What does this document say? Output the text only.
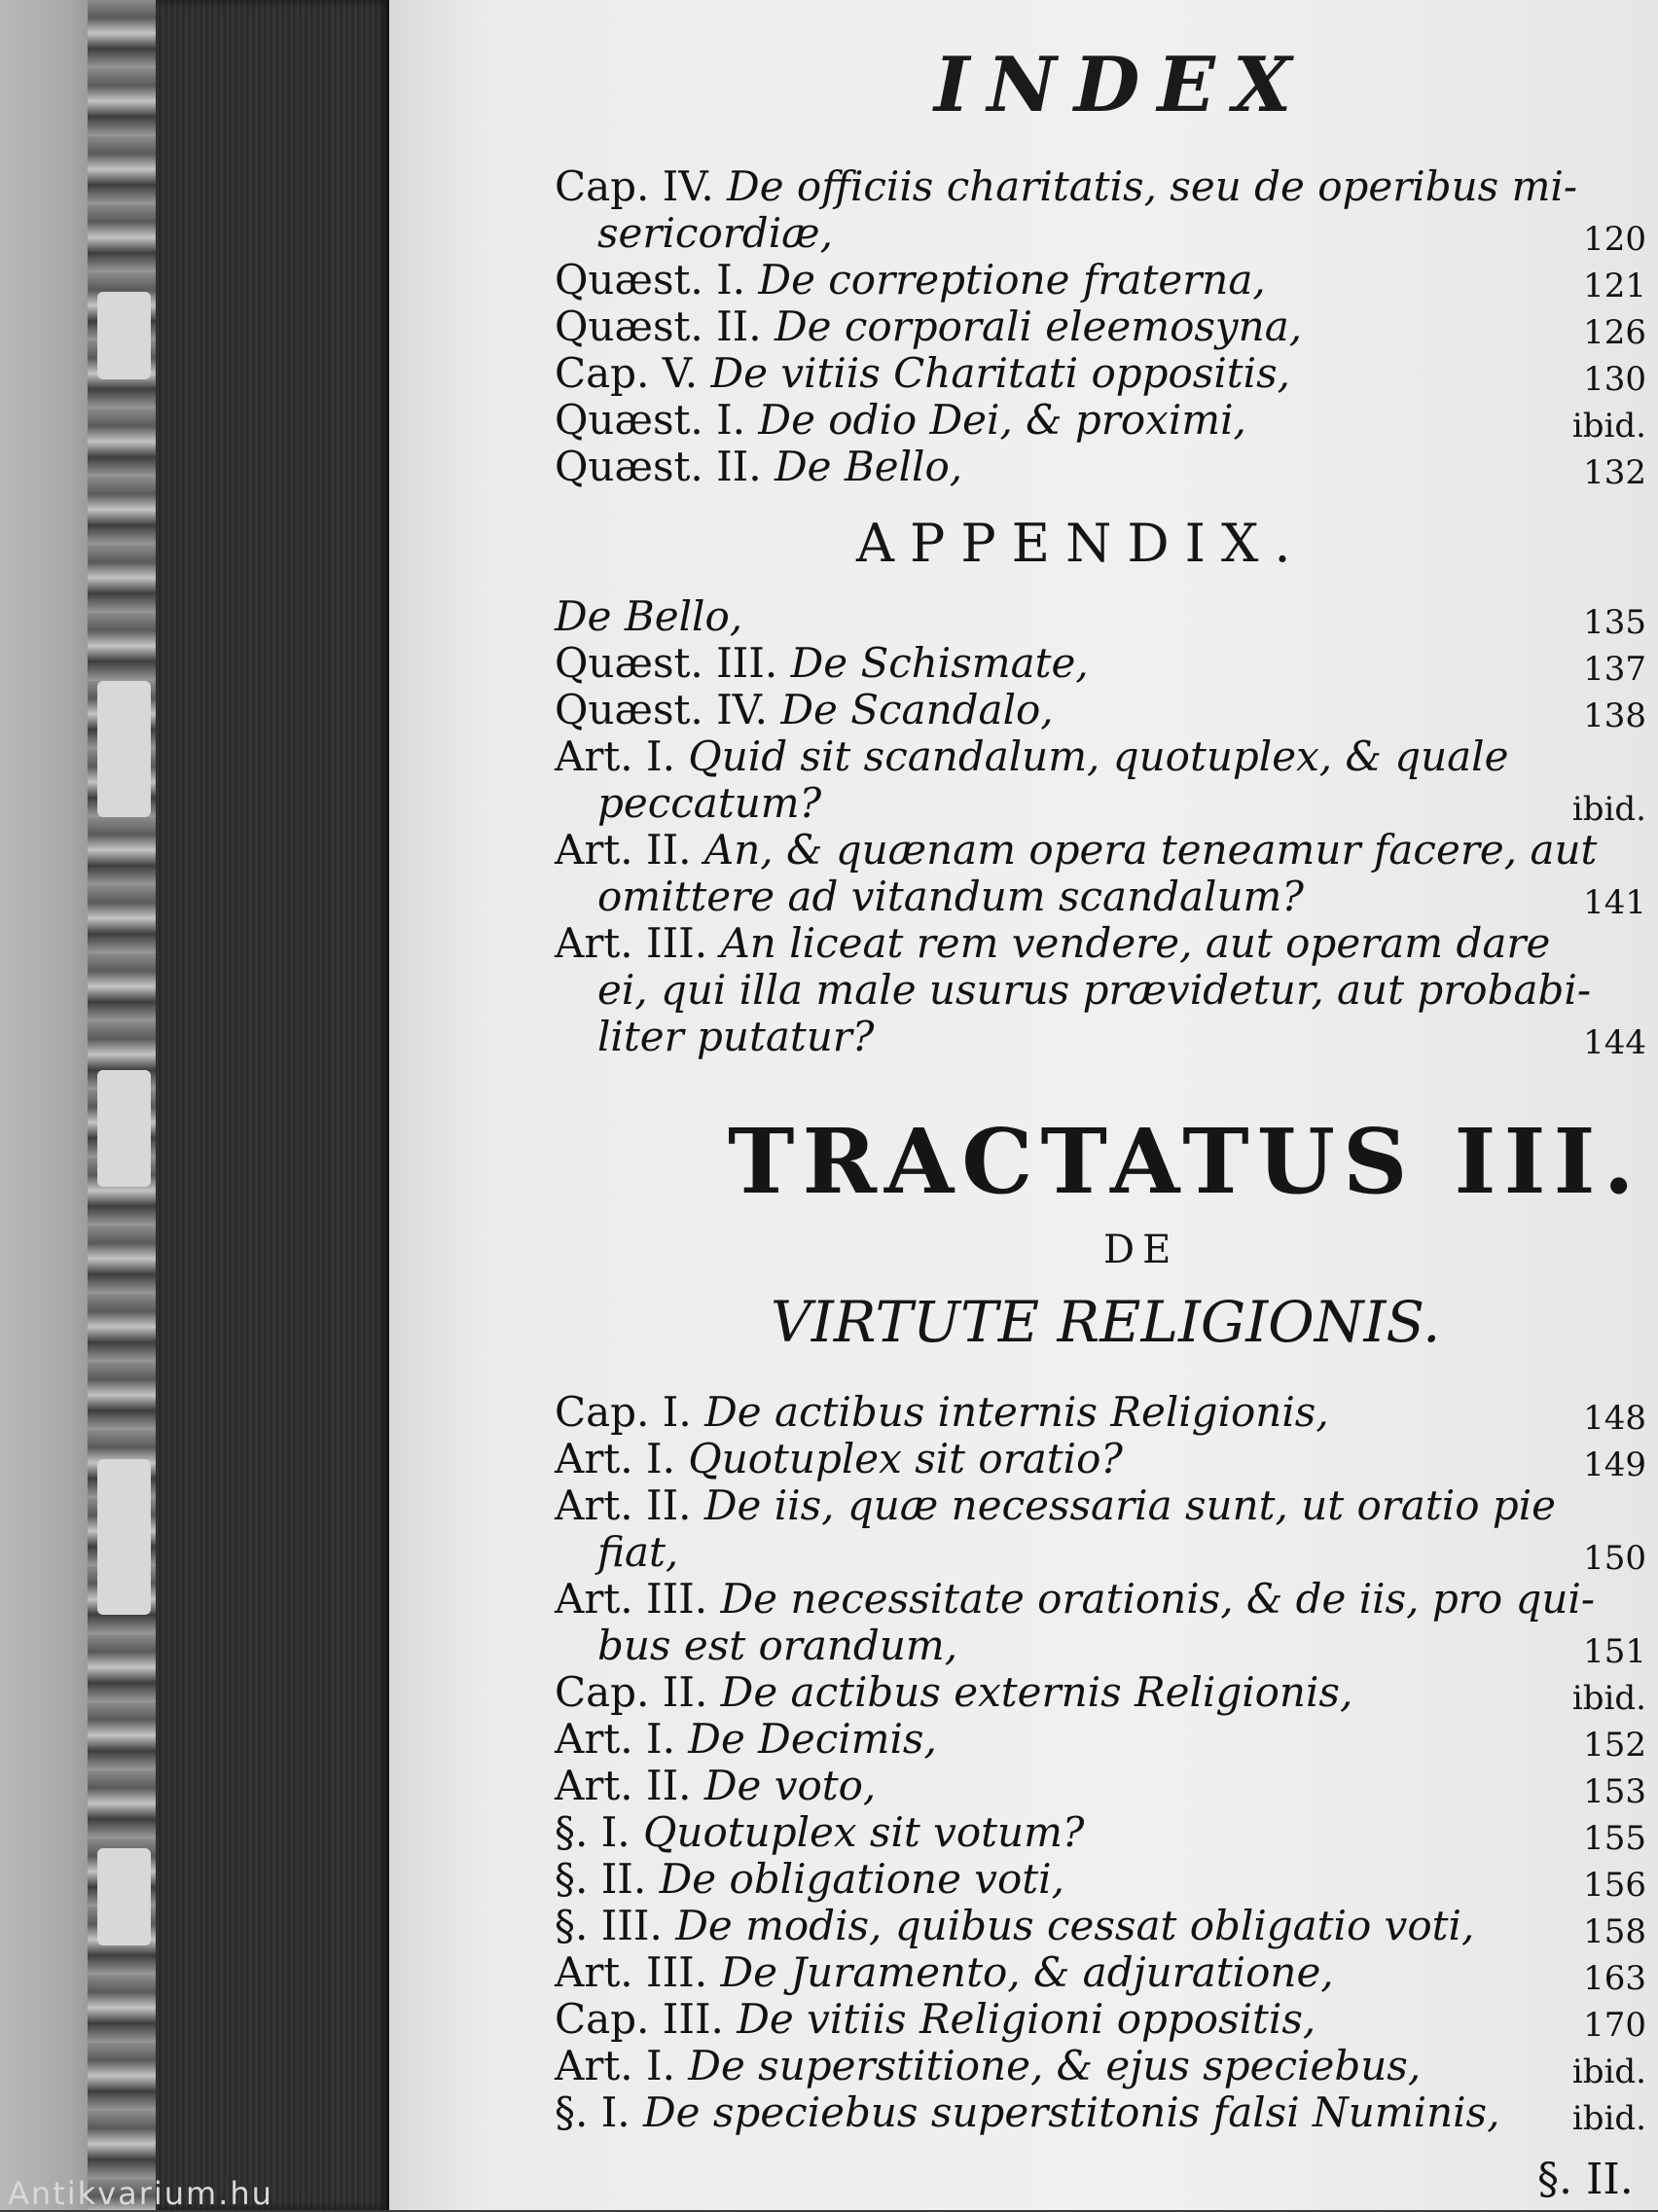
INDEX
Cap. IV. De officiis charitatis, seu de operibus mi-
sericordiæ,	120
Quæst. I. De correptione fraterna,	121
Quæst. II. De corporali eleemosyna,	126
Cap. V. De vitiis Charitati oppositis,	130
Quæst. I. De odio Dei, & proximi,	ibid.
Quæst. II. De Bello,	132
APPENDIX.
De Bello,	135
Quæst. III. De Schismate,	137
Quæst. IV. De Scandalo,	138
Art. I. Quid sit scandalum, quotuplex, & quale
peccatum?	ibid.
Art. II. An, & quænam opera teneamur facere, aut
omittere ad vitandum scandalum?	141
Art. III. An liceat rem vendere, aut operam dare
ei, qui illa male usurus prævidetur, aut probabi-
liter putatur?	144
TRACTATUS III.
DE
VIRTUTE RELIGIONIS.
Cap. I. De actibus internis Religionis,	148
Art. I. Quotuplex sit oratio?	149
Art. II. De iis, quæ necessaria sunt, ut oratio pie
fiat,	150
Art. III. De necessitate orationis, & de iis, pro qui-
bus est orandum,	151
Cap. II. De actibus externis Religionis,	ibid.
Art. I. De Decimis,	152
Art. II. De voto,	153
§. I. Quotuplex sit votum?	155
§. II. De obligatione voti,	156
§. III. De modis, quibus cessat obligatio voti,	158
Art. III. De Juramento, & adjuratione,	163
Cap. III. De vitiis Religioni oppositis,	170
Art. I. De superstitione, & ejus speciebus,	ibid.
§. I. De speciebus superstitonis falsi Numinis,	ibid.
§. II.
Antikvarium.hu
